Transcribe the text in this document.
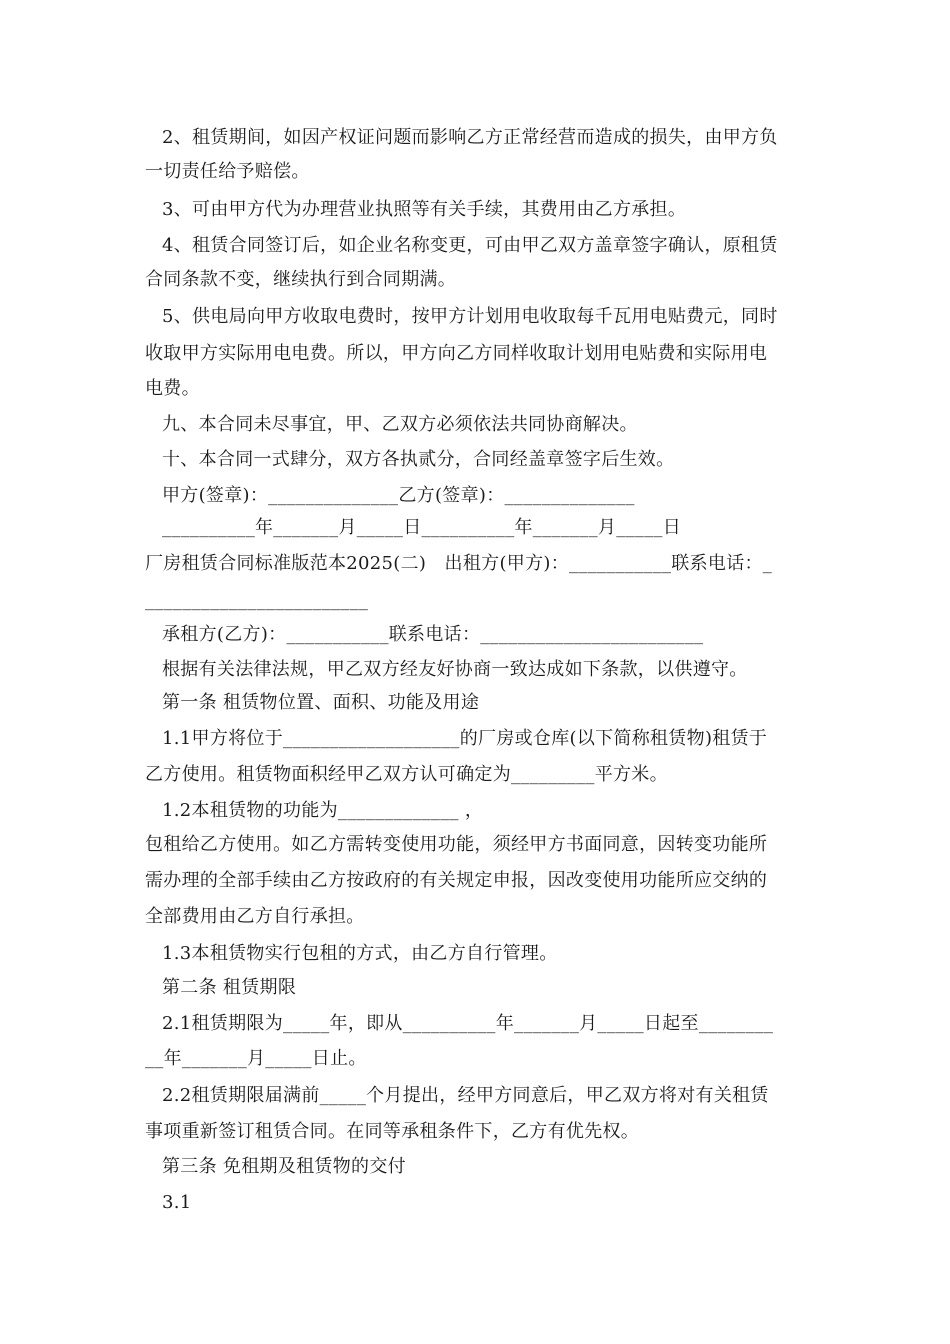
2、租赁期间，如因产权证问题而影响乙方正常经营而造成的损失，由甲方负
一切责任给予赔偿。
3、可由甲方代为办理营业执照等有关手续，其费用由乙方承担。
4、租赁合同签订后，如企业名称变更，可由甲乙双方盖章签字确认，原租赁
合同条款不变，继续执行到合同期满。
5、供电局向甲方收取电费时，按甲方计划用电收取每千瓦用电贴费元，同时
收取甲方实际用电电费。所以，甲方向乙方同样收取计划用电贴费和实际用电
电费。
九、本合同未尽事宜，甲、乙双方必须依法共同协商解决。
十、本合同一式肆分，双方各执贰分，合同经盖章签字后生效。
甲方(签章)：______________乙方(签章)：______________
__________年_______月_____日__________年_______月_____日
厂房租赁合同标准版范本2025(二)　出租方(甲方)：___________联系电话：_
________________________
承租方(乙方)：___________联系电话：________________________
根据有关法律法规，甲乙双方经友好协商一致达成如下条款，以供遵守。
第一条 租赁物位置、面积、功能及用途
1.1甲方将位于___________________的厂房或仓库(以下简称租赁物)租赁于
乙方使用。租赁物面积经甲乙双方认可确定为_________平方米。
1.2本租赁物的功能为_____________ ，
包租给乙方使用。如乙方需转变使用功能，须经甲方书面同意，因转变功能所
需办理的全部手续由乙方按政府的有关规定申报，因改变使用功能所应交纳的
全部费用由乙方自行承担。
1.3本租赁物实行包租的方式，由乙方自行管理。
第二条 租赁期限
2.1租赁期限为_____年，即从__________年_______月_____日起至________
__年_______月_____日止。
2.2租赁期限届满前_____个月提出，经甲方同意后，甲乙双方将对有关租赁
事项重新签订租赁合同。在同等承租条件下，乙方有优先权。
第三条 免租期及租赁物的交付
3.1
